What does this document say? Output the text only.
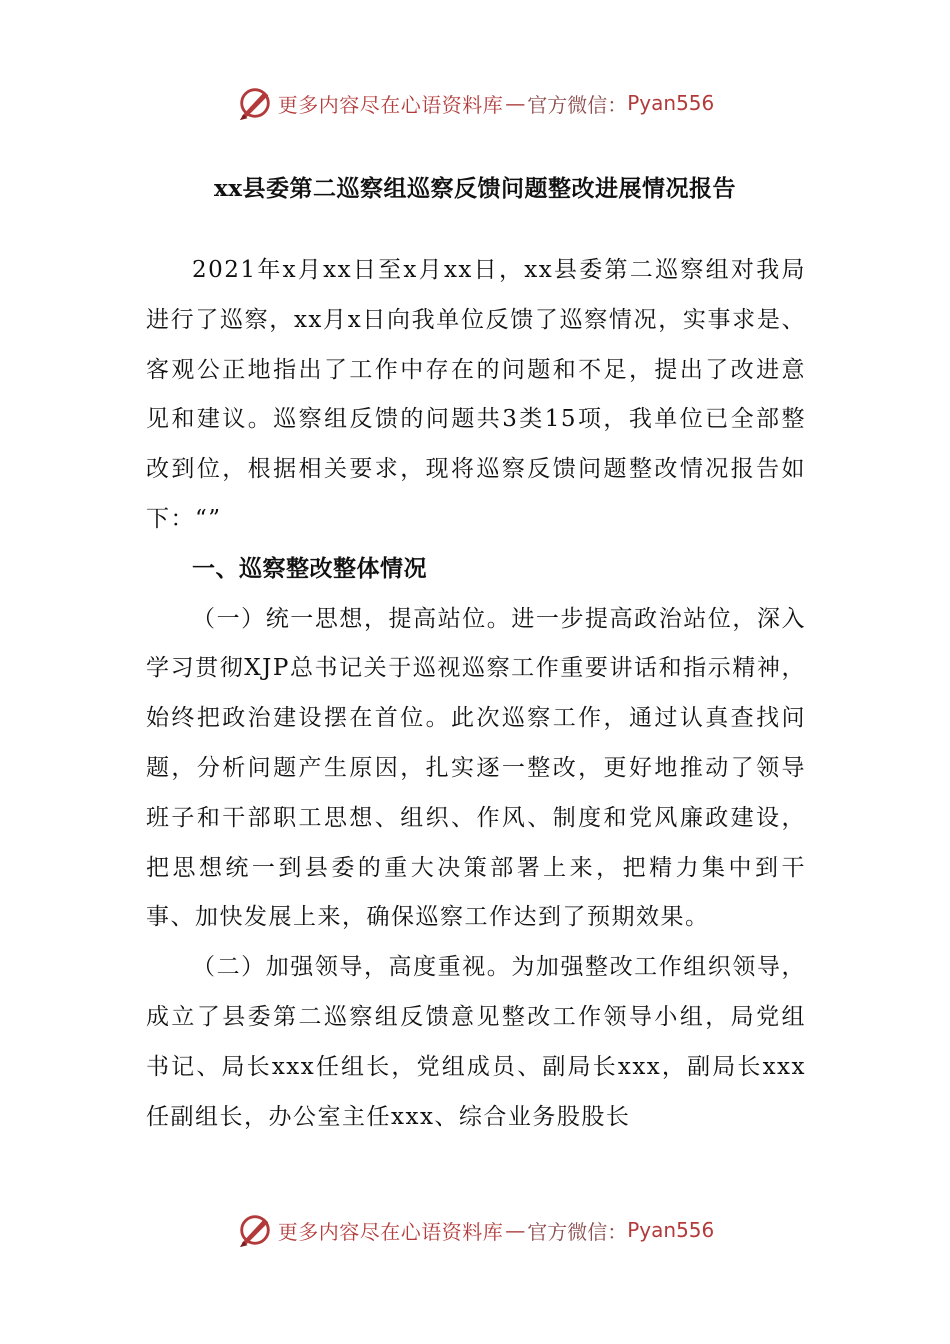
更多内容尽在心语资料库 — 官方微信： Pyan556
xx县委第二巡察组巡察反馈问题整改进展情况报告

2021年x月xx日至x月xx日，xx县委第二巡察组对我局进行了巡察，xx月x日向我单位反馈了巡察情况，实事求是、客观公正地指出了工作中存在的问题和不足，提出了改进意见和建议。巡察组反馈的问题共3类15项，我单位已全部整改到位，根据相关要求，现将巡察反馈问题整改情况报告如下：“”

一、巡察整改整体情况

（一）统一思想，提高站位。进一步提高政治站位，深入学习贯彻XJP总书记关于巡视巡察工作重要讲话和指示精神，始终把政治建设摆在首位。此次巡察工作，通过认真查找问题，分析问题产生原因，扎实逐一整改，更好地推动了领导班子和干部职工思想、组织、作风、制度和党风廉政建设，把思想统一到县委的重大决策部署上来，把精力集中到干事、加快发展上来，确保巡察工作达到了预期效果。

（二）加强领导，高度重视。为加强整改工作组织领导，成立了县委第二巡察组反馈意见整改工作领导小组，局党组书记、局长xxx任组长，党组成员、副局长xxx，副局长xxx任副组长，办公室主任xxx、综合业务股股长

更多内容尽在心语资料库 — 官方微信： Pyan556
